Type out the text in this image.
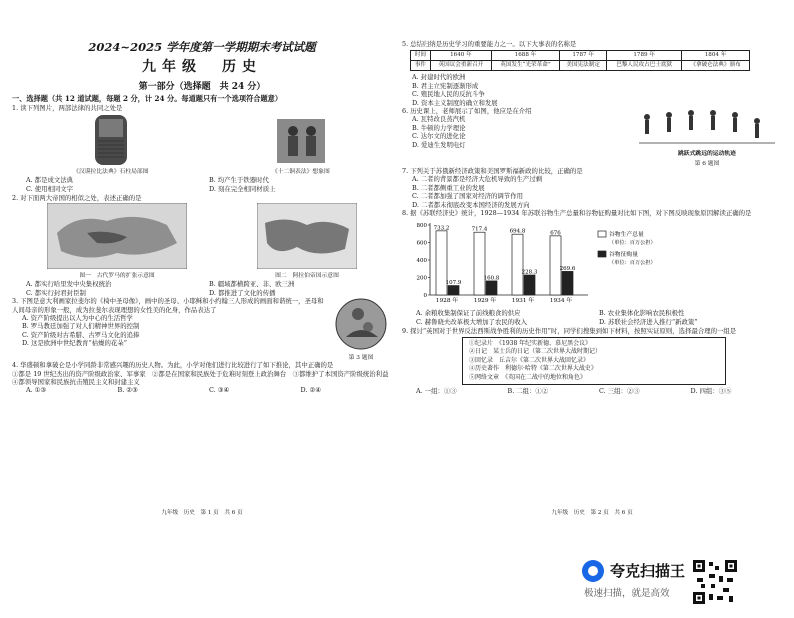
2024~2025 学年度第一学期期末考试试题

九年级　历史

第一部分（选择题　共 24 分）

一、选择题（共 12 道试题，每题 2 分，计 24 分。每道题只有一个选项符合题意）

1. 读下列图片，两部法律的共同之处是

《汉谟拉比法典》石柱局部图	《十二铜表法》想象图
A. 都是成文法典	B. 均产生于铁器时代
C. 使用相同文字	D. 刻在完全相同材质上

2. 对下面两大帝国的相似之处，表述正确的是

图一　古代罗马的扩张示意图	图二　阿拉伯帝国示意图
A. 都实行哈里发中央集权统治	B. 疆域都横跨亚、非、欧三洲
C. 都实行封君封臣制	D. 都推进了文化的传播

3. 下图是意大利画家拉斐尔的《椅中圣母像》，画中的圣母、小耶稣和小约翰三人形成的画面和谐统一，圣母和人间母亲的形象一般，成为拉斐尔表现理想的女性美的化身，作品表达了

A. 资产阶级提出以人为中心的生活哲学
B. 罗马教廷加强了对人们精神世界的控制
C. 资产阶级对古希腊、古罗马文化的追捧
D. 这是欧洲中世纪教育“枯燥的花朵”
第 3 题图

4. 华盛顿和拿破仑是小学同龄非常感兴趣的历史人物。为此，小学对他们进行比较进行了如下推论，其中正确的是

①都是 19 世纪杰出的资产阶级政治家、军事家　②都是在国家和民族处于危难时刻登上政治舞台　③都维护了本国资产阶级统治利益　④都领导国家和民族抗击殖民主义和封建主义

A. ①③	B. ②③	C. ③④	D. ②④
九年级　历史　第 1 页　共 6 页

5. 总结归纳是历史学习的重要能力之一。以下大事表的名称是

时间	1640 年	1688 年	1787 年	1789 年	1804 年
事件	英国议会重新召开	英国发生“光荣革命”	美国宪法制定	巴黎人民攻占巴士底狱	《拿破仑法典》颁布
A. 封建时代的欧洲
B. 君主立宪制逐渐形成
C. 殖民地人民的反抗斗争
D. 资本主义制度的确立和发展

6. 历史课上，老师展示了如图，他应是在介绍

A. 瓦特改良蒸汽机
B. 牛顿的力学理论
C. 达尔文的进化论
D. 爱迪生发明电灯
跳跃式跳远的运动轨迹
第 6 题图

7. 下列关于苏俄新经济政策和美国罗斯福新政的比较，正确的是

A. 二者的背景都是经济大危机导致的生产过剩
B. 二者都侧重工业的发展
C. 二者都加强了国家对经济的调节作用
D. 二者都未彻底改变本国经济的发展方向

8. 据《苏联经济史》统计，1928—1934 年苏联谷物生产总量和谷物征购量对比如下图，对下图反映现象原因解读正确的是

0
200
400
600
800 733.2
107.9
1928 年
717.4
160.8
1929 年
694.8
228.3
1931 年
676
269.6
1934 年
谷物生产总量
（单位：百万公担）
谷物征购量
（单位：百万公担）
A. 余粮收集制保证了前线粮食的供应	B. 农业集体化影响农民积极性
C. 赫鲁晓夫改革极大增加了农民的收入	D. 苏联社会经济进入推行“新政策”

9. 探讨“英国对于世界反法西斯战争胜利的历史作用”时，同学们搜集到如下材料，按照实证原则，选择最合理的一组是

①纪录片　《1938 年纪实新德、慕尼黑会议》
②日记　某士兵的日记（第二次世界大战时期记）
③回忆录　丘吉尔《第二次世界大战回忆录》
④历史著作　利德尔·哈特《第二次世界大战史》
⑤网络文章　《英国在二战中的地位和角色》
A. 一组：①③	B. 二组：①②	C. 三组：②③	D. 四组：③⑤
九年级　历史　第 2 页　共 6 页
夸克扫描王
极速扫描，就是高效
